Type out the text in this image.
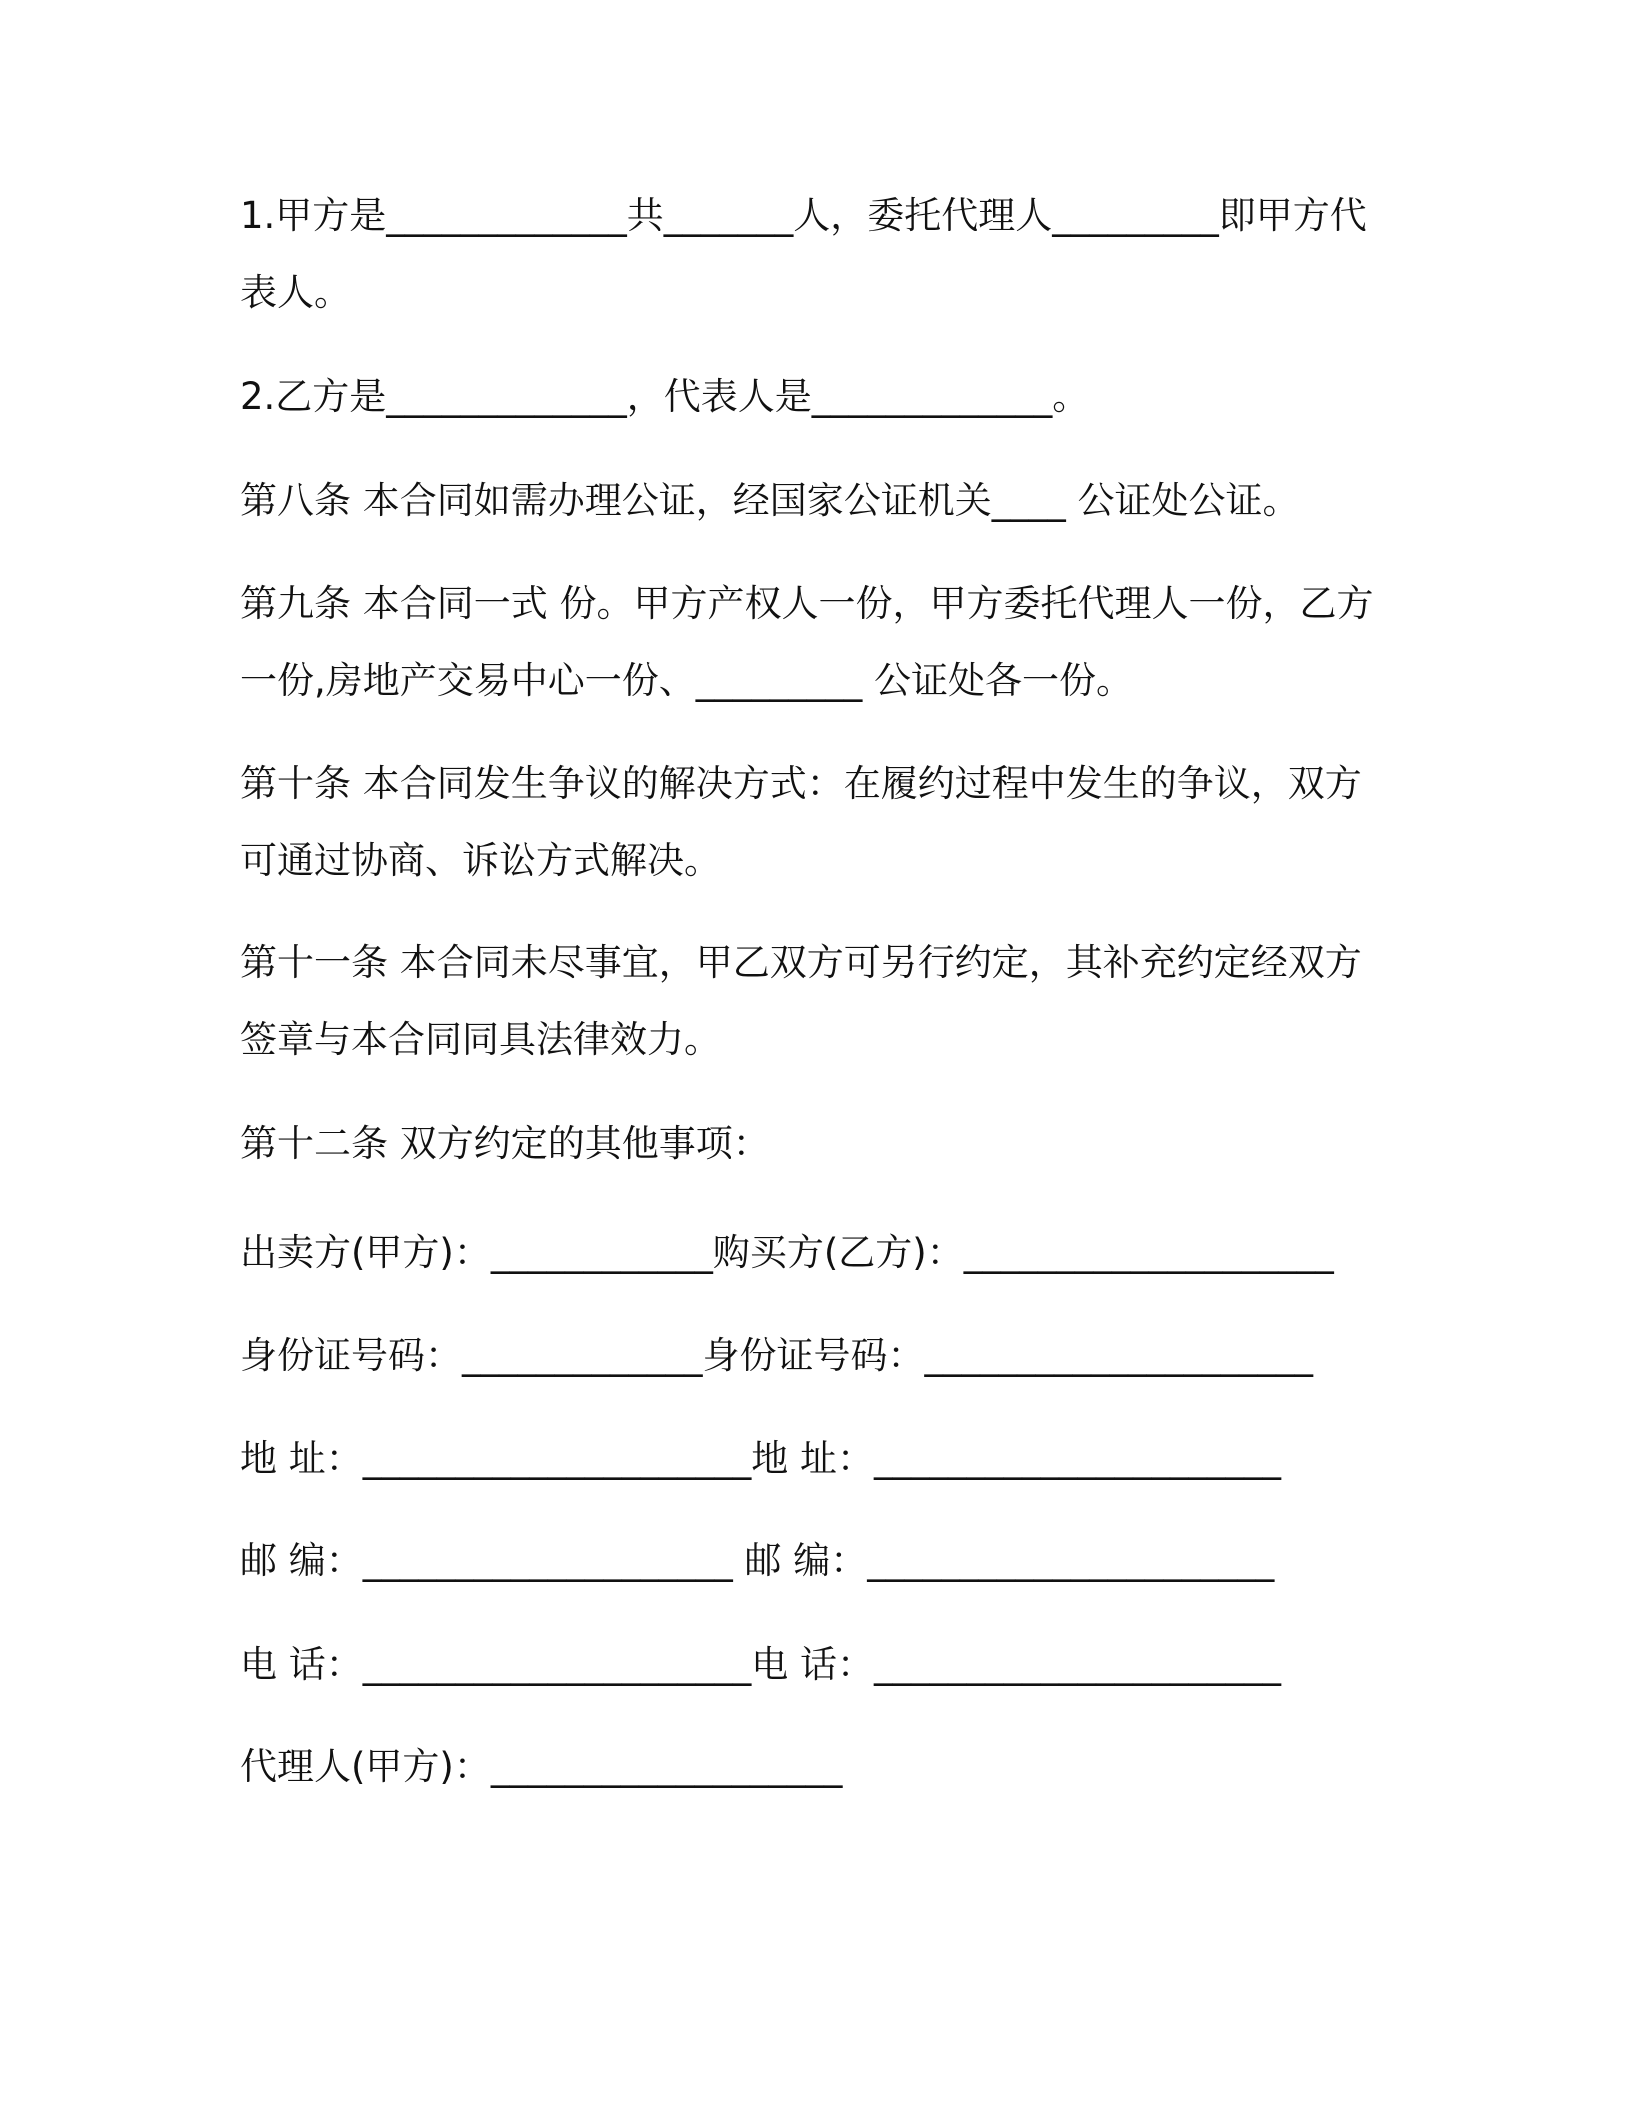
1.甲方是_____________共_______人，委托代理人_________即甲方代
表人。
2.乙方是_____________，代表人是_____________。
第八条 本合同如需办理公证，经国家公证机关____ 公证处公证。
第九条 本合同一式 份。甲方产权人一份，甲方委托代理人一份，乙方
一份,房地产交易中心一份、_________ 公证处各一份。
第十条 本合同发生争议的解决方式：在履约过程中发生的争议，双方
可通过协商、诉讼方式解决。
第十一条 本合同未尽事宜，甲乙双方可另行约定，其补充约定经双方
签章与本合同同具法律效力。
第十二条 双方约定的其他事项：
出卖方(甲方)：____________购买方(乙方)：____________________
身份证号码：_____________身份证号码：_____________________
地 址：_____________________地 址：______________________
邮 编：____________________ 邮 编：______________________
电 话：_____________________电 话：______________________
代理人(甲方)：___________________
